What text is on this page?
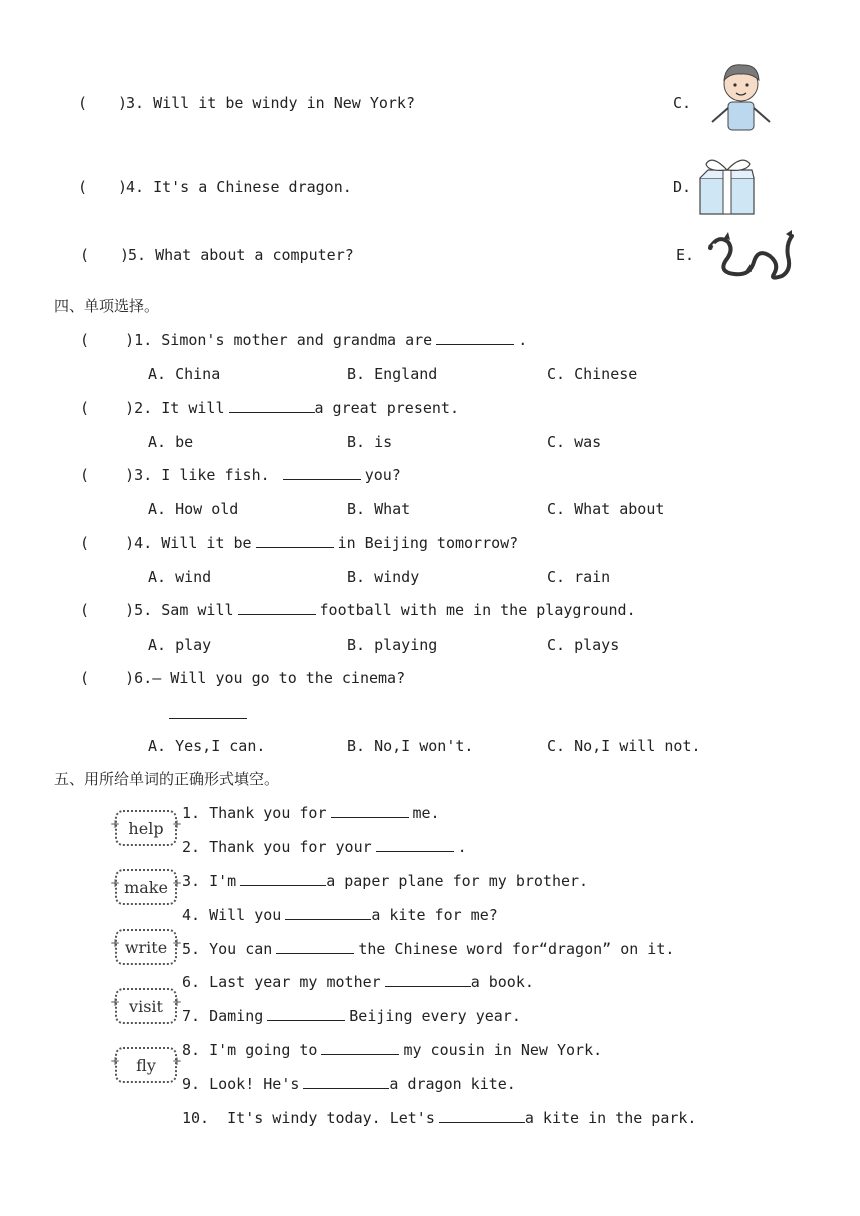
( )
3. Will it be windy in New York?	C.
( )
4. It's a Chinese dragon.	D.
( )
5. What about a computer?	E.
四、单项选择。
(    )1. Simon's mother and grandma are	.
A. China	B. England	C. Chinese
(    )2. It will	a great present.
A. be	B. is	C. was
(    )3. I like fish.	you?
A. How old	B. What	C. What about
(    )4. Will it be	in Beijing tomorrow?
A. wind	B. windy	C. rain
(    )5. Sam will	football with me in the playground.
A. play	B. playing	C. plays
(    )6.— Will you go to the cinema?
A. Yes,I can.	B. No,I won't.	C. No,I will not.
五、用所给单词的正确形式填空。
+ help +
+ make +
+ write +
+ visit +
+ fly +
1. Thank you for	me.
2. Thank you for your	.
3. I'm	a paper plane for my brother.
4. Will you	a kite for me?
5. You can	the Chinese word for“dragon” on it.
6. Last year my mother	a book.
7. Daming	Beijing every year.
8. I'm going to	my cousin in New York.
9. Look! He's	a dragon kite.
10. It's windy today. Let's	a kite in the park.
